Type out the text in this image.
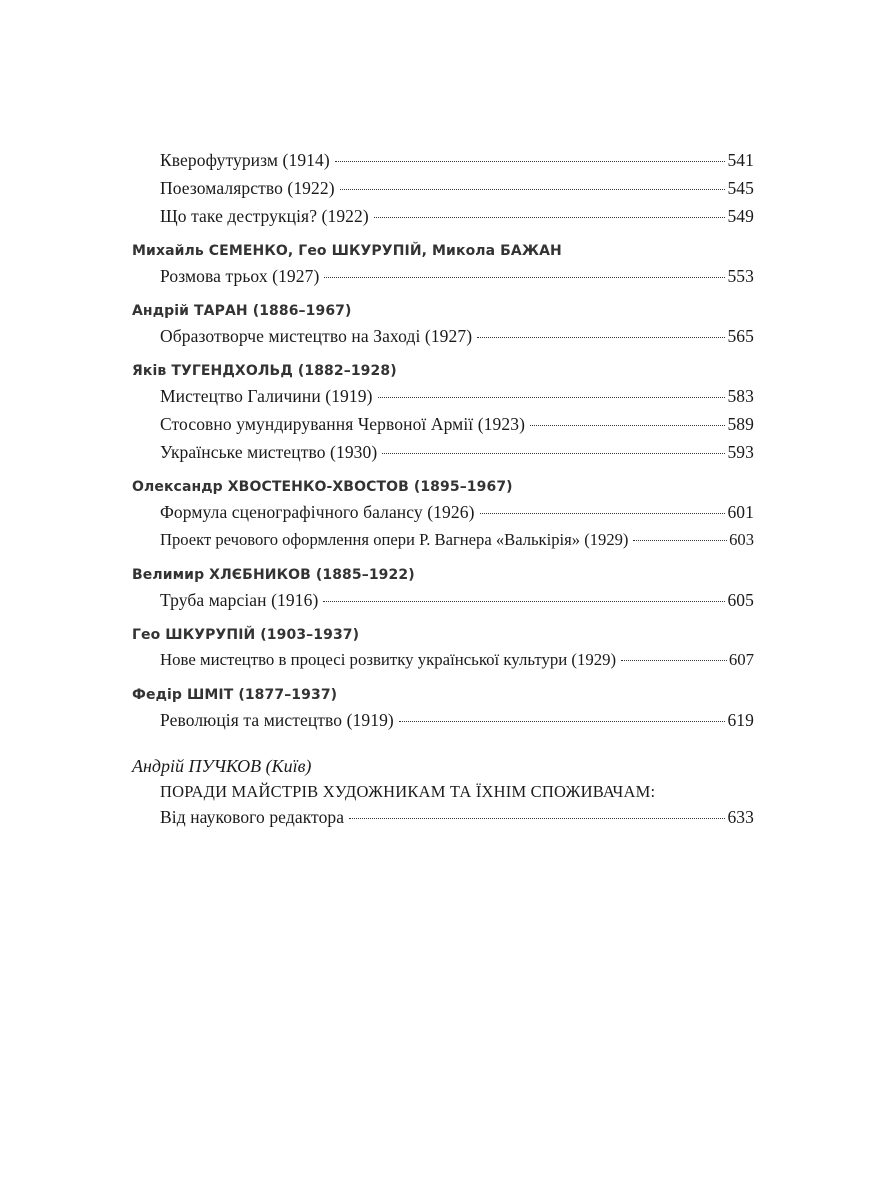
Кверофутуризм (1914)	541
Поезомалярство (1922)	545
Що таке деструкція? (1922)	549
Михайль СЕМЕНКО, Гео ШКУРУПІЙ, Микола БАЖАН
Розмова трьох (1927)	553
Андрій ТАРАН (1886–1967)
Образотворче мистецтво на Заході (1927)	565
Яків ТУГЕНДХОЛЬД (1882–1928)
Мистецтво Галичини (1919)	583
Стосовно умундирування Червоної Армії (1923)	589
Українське мистецтво (1930)	593
Олександр ХВОСТЕНКО-ХВОСТОВ (1895–1967)
Формула сценографічного балансу (1926)	601
Проект речового оформлення опери Р. Вагнера «Валькірія» (1929)	603
Велимир ХЛЄБНИКОВ (1885–1922)
Труба марсіан (1916)	605
Гео ШКУРУПІЙ (1903–1937)
Нове мистецтво в процесі розвитку української культури (1929)	607
Федір ШМІТ (1877–1937)
Революція та мистецтво (1919)	619
Андрій ПУЧКОВ (Київ)
ПОРАДИ МАЙСТРІВ ХУДОЖНИКАМ ТА ЇХНІМ СПОЖИВАЧАМ:
Від наукового редактора	633
